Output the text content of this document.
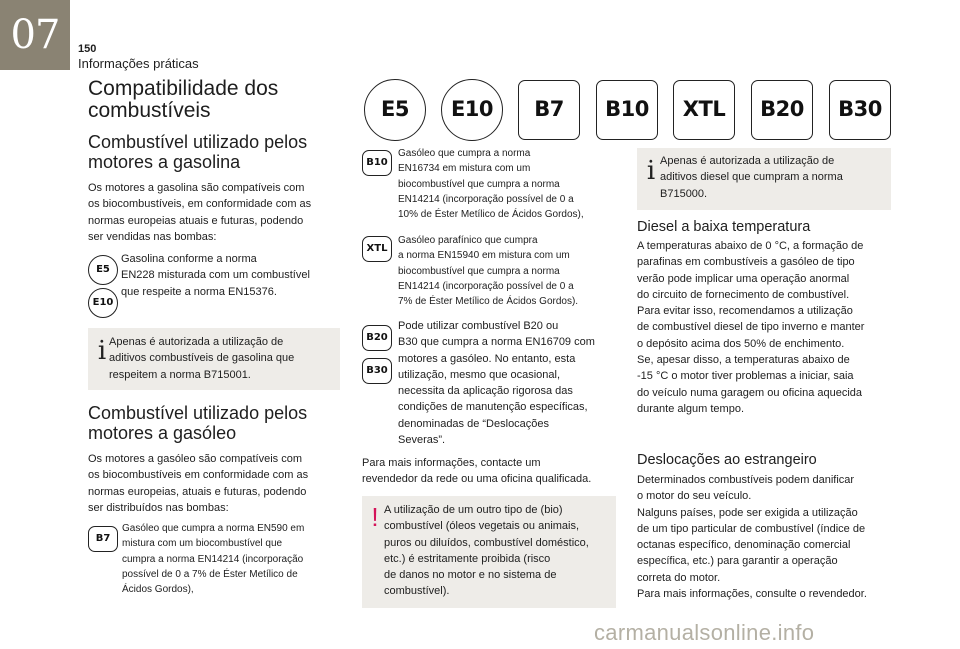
07	150
Informações práticas
Compatibilidade dos
combustíveis
Combustível utilizado pelos
motores a gasolina
Os motores a gasolina são compatíveis com
os biocombustíveis, em conformidade com as
normas europeias atuais e futuras, podendo
ser vendidas nas bombas:
E5
E10
Gasolina conforme a norma
EN228 misturada com um combustível
que respeite a norma EN15376.
i Apenas é autorizada a utilização de
aditivos combustíveis de gasolina que
respeitem a norma B715001.
Combustível utilizado pelos
motores a gasóleo
Os motores a gasóleo são compatíveis com
os biocombustíveis em conformidade com as
normas europeias, atuais e futuras, podendo
ser distribuídos nas bombas:
B7
Gasóleo que cumpra a norma EN590 em
mistura com um biocombustível que
cumpra a norma EN14214 (incorporação
possível de 0 a 7% de Éster Metílico de
Ácidos Gordos),
E5	E10	B7	B10	XTL	B20	B30
B10
Gasóleo que cumpra a norma
EN16734 em mistura com um
biocombustível que cumpra a norma
EN14214 (incorporação possível de 0 a
10% de Éster Metílico de Ácidos Gordos),
XTL
Gasóleo parafínico que cumpra
a norma EN15940 em mistura com um
biocombustível que cumpra a norma
EN14214 (incorporação possível de 0 a
7% de Éster Metílico de Ácidos Gordos).
B20
B30
Pode utilizar combustível B20 ou
B30 que cumpra a norma EN16709 com
motores a gasóleo. No entanto, esta
utilização, mesmo que ocasional,
necessita da aplicação rigorosa das
condições de manutenção específicas,
denominadas de “Deslocações
Severas”.
Para mais informações, contacte um
revendedor da rede ou uma oficina qualificada.
! A utilização de um outro tipo de (bio)
combustível (óleos vegetais ou animais,
puros ou diluídos, combustível doméstico,
etc.) é estritamente proibida (risco
de danos no motor e no sistema de
combustível).
i Apenas é autorizada a utilização de
aditivos diesel que cumpram a norma
B715000.
Diesel a baixa temperatura
A temperaturas abaixo de 0 °C, a formação de
parafinas em combustíveis a gasóleo de tipo
verão pode implicar uma operação anormal
do circuito de fornecimento de combustível.
Para evitar isso, recomendamos a utilização
de combustível diesel de tipo inverno e manter
o depósito acima dos 50% de enchimento.
Se, apesar disso, a temperaturas abaixo de
-15 °C o motor tiver problemas a iniciar, saia
do veículo numa garagem ou oficina aquecida
durante algum tempo.
Deslocações ao estrangeiro
Determinados combustíveis podem danificar
o motor do seu veículo.
Nalguns países, pode ser exigida a utilização
de um tipo particular de combustível (índice de
octanas específico, denominação comercial
específica, etc.) para garantir a operação
correta do motor.
Para mais informações, consulte o revendedor.
carmanualsonline.info
